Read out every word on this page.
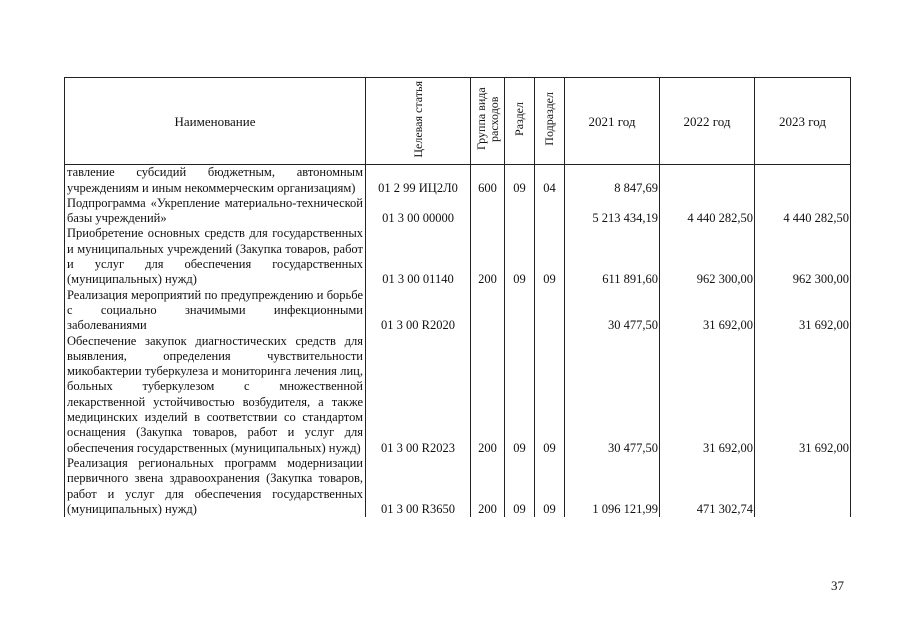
Наименование	Целевая статья	Группа вида расходов	Раздел	Подраздел	2021 год	2022 год	2023 год
тавление субсидий бюджетным, автономным учреждениям и иным некоммерческим организациям)	01 2 99 ИЦ2Л0	600	09	04	8 847,69		
Подпрограмма «Укрепление материально-технической базы учреждений»	01 3 00 00000				5 213 434,19	4 440 282,50	4 440 282,50
Приобретение основных средств для государственных и муниципальных учреждений (Закупка товаров, работ и услуг для обеспечения государственных (муниципальных) нужд)	01 3 00 01140	200	09	09	611 891,60	962 300,00	962 300,00
Реализация мероприятий по предупреждению и борьбе с социально значимыми инфекционными заболеваниями	01 3 00 R2020				30 477,50	31 692,00	31 692,00
Обеспечение закупок диагностических средств для выявления, определения чувствительности микобактерии туберкулеза и мониторинга лечения лиц, больных туберкулезом с множественной лекарственной устойчивостью возбудителя, а также медицинских изделий в соответствии со стандартом оснащения (Закупка товаров, работ и услуг для обеспечения государственных (муниципальных) нужд)	01 3 00 R2023	200	09	09	30 477,50	31 692,00	31 692,00
Реализация региональных программ модернизации первичного звена здравоохранения (Закупка товаров, работ и услуг для обеспечения государственных (муниципальных) нужд)	01 3 00 R3650	200	09	09	1 096 121,99	471 302,74	
37
